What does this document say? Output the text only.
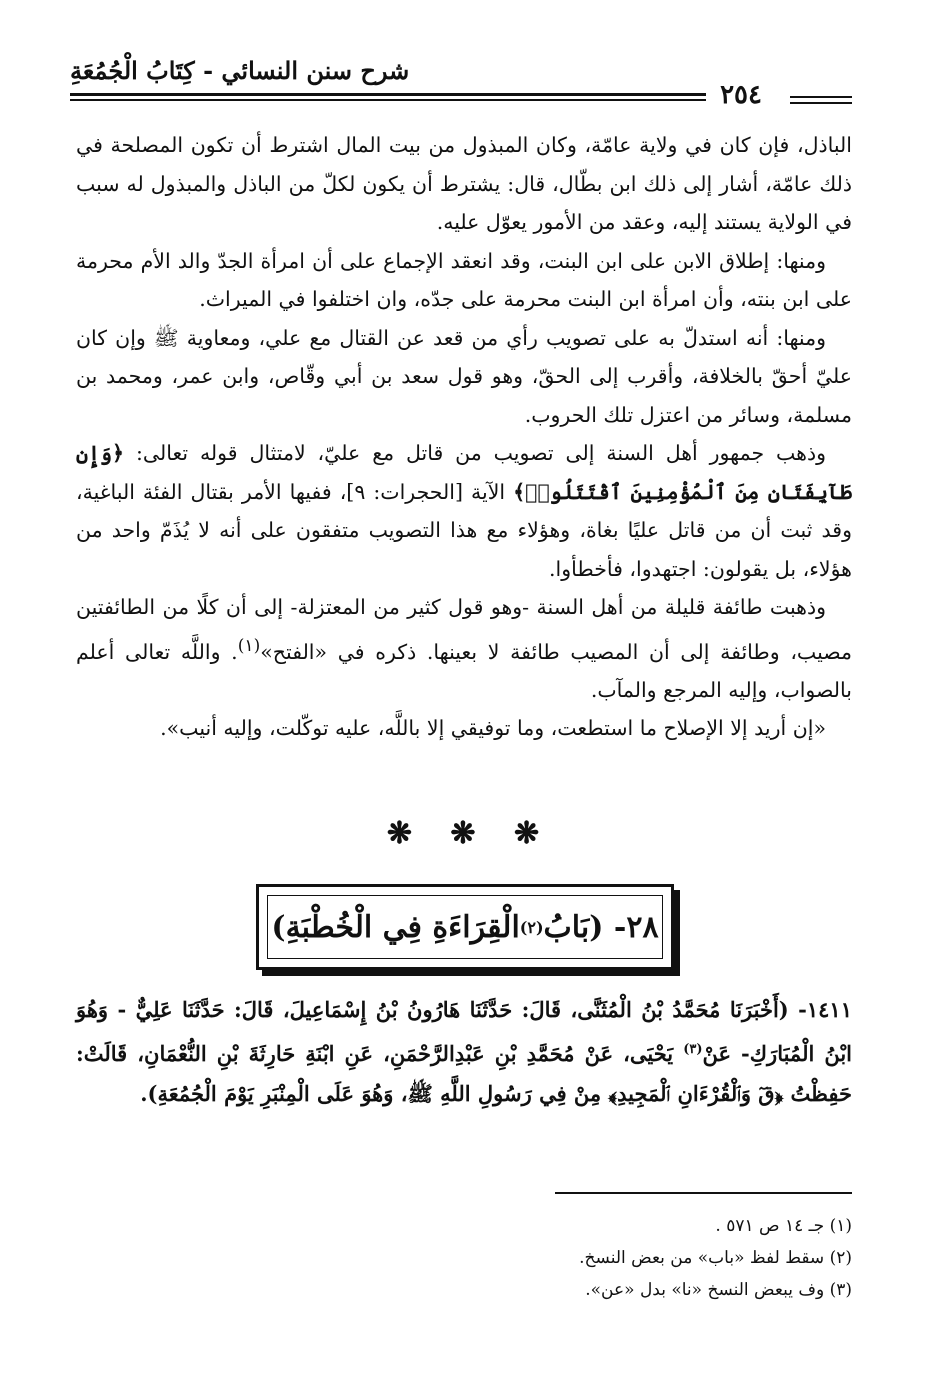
شرح سنن النسائي - كِتَابُ الْجُمُعَةِ
٢٥٤

الباذل، فإن كان في ولاية عامّة، وكان المبذول من بيت المال اشترط أن تكون المصلحة في ذلك عامّة، أشار إلى ذلك ابن بطّال، قال: يشترط أن يكون لكلّ من الباذل والمبذول له سبب في الولاية يستند إليه، وعقد من الأمور يعوّل عليه.

ومنها: إطلاق الابن على ابن البنت، وقد انعقد الإجماع على أن امرأة الجدّ والد الأم محرمة على ابن بنته، وأن امرأة ابن البنت محرمة على جدّه، وان اختلفوا في الميراث.

ومنها: أنه استدلّ به على تصويب رأي من قعد عن القتال مع علي، ومعاوية ﷺ وإن كان عليّ أحقّ بالخلافة، وأقرب إلى الحقّ، وهو قول سعد بن أبي وقّاص، وابن عمر، ومحمد بن مسلمة، وسائر من اعتزل تلك الحروب.

وذهب جمهور أهل السنة إلى تصويب من قاتل مع عليّ، لامتثال قوله تعالى: ﴿وَإِن طَآيِفَتَانِ مِنَ ٱلْمُؤْمِنِينَ ٱقْتَتَلُوا۟﴾ الآية [الحجرات: ٩]، ففيها الأمر بقتال الفئة الباغية، وقد ثبت أن من قاتل عليًا بغاة، وهؤلاء مع هذا التصويب متفقون على أنه لا يُذَمّ واحد من هؤلاء، بل يقولون: اجتهدوا، فأخطأوا.

وذهبت طائفة قليلة من أهل السنة -وهو قول كثير من المعتزلة- إلى أن كلًا من الطائفتين مصيب، وطائفة إلى أن المصيب طائفة لا بعينها. ذكره في «الفتح»$^{(١)}$. واللَّه تعالى أعلم بالصواب، وإليه المرجع والمآب.

«إن أريد إلا الإصلاح ما استطعت، وما توفيقي إلا باللَّه، عليه توكّلت، وإليه أنيب».

❋ ❋ ❋
٢٨- (بَابُ
(٢)
الْقِرَاءَةِ فِي الْخُطْبَةِ)

١٤١١- (أَخْبَرَنَا مُحَمَّدُ بْنُ الْمُثَنَّى، قَالَ: حَدَّثَنَا هَارُونُ بْنُ إِسْمَاعِيلَ، قَالَ: حَدَّثَنَا عَلِيٌّ - وَهُوَ ابْنُ الْمُبَارَكِ- عَنْ$^{(٣)}$ يَحْيَى، عَنْ مُحَمَّدِ بْنِ عَبْدِالرَّحْمَنِ، عَنِ ابْنَةِ حَارِثَةَ بْنِ النُّعْمَانِ، قَالَتْ: حَفِظْتُ ﴿قٓ وَٱلْقُرْءَانِ ٱلْمَجِيدِ﴾ مِنْ فِي رَسُولِ اللَّهِ ﷺ، وَهُوَ عَلَى الْمِنْبَرِ يَوْمَ الْجُمُعَةِ).

(١) جـ ١٤ ص ٥٧١ .
(٢) سقط لفظ «باب» من بعض النسخ.
(٣) وف يبعض النسخ «نا» بدل «عن».
